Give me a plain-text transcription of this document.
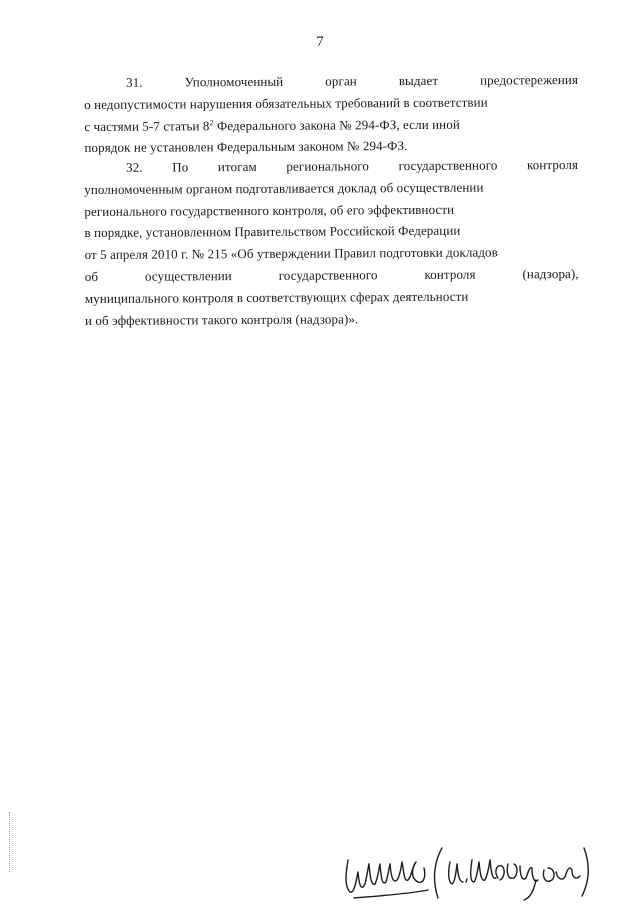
7
31.	Уполномоченный	орган	выдает	предостережения
о недопустимости нарушения обязательных требований в соответствии
с частями 5-7 статьи $8^2$ Федерального закона № 294-ФЗ, если иной
порядок не установлен Федеральным законом № 294-ФЗ.
32. По итогам регионального государственного контроля
уполномоченным органом подготавливается доклад об осуществлении
регионального государственного контроля, об его эффективности
в порядке, установленном Правительством Российской Федерации
от 5 апреля 2010 г. № 215 «Об утверждении Правил подготовки докладов
об	осуществлении	государственного	контроля	(надзора),
муниципального контроля в соответствующих сферах деятельности
и об эффективности такого контроля (надзора)».
